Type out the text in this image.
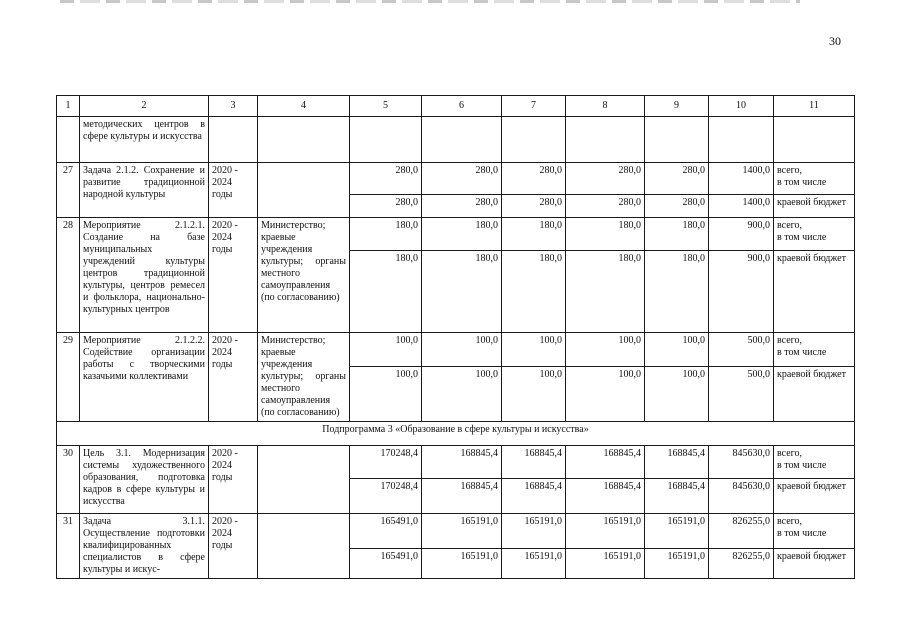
30
1	2	3	4	5	6	7	8	9	10	11
	методических центров в сфере культуры и искусства									
27	Задача 2.1.2. Сохранение и развитие традиционной народной культуры	2020 - 2024 годы		280,0	280,0	280,0	280,0	280,0	1400,0	всего,
в том числе

				280,0	280,0	280,0	280,0	280,0	1400,0	краевой бюджет
28	Мероприятие 2.1.2.1. Создание на базе муниципальных учреждений культуры центров традиционной культуры, центров ремесел и фольклора, национально-культурных центров	2020 - 2024 годы	Министерство; краевые учреждения культуры; органы местного самоуправления (по согласованию)	180,0	180,0	180,0	180,0	180,0	900,0	всего,
в том числе

				180,0	180,0	180,0	180,0	180,0	900,0	краевой бюджет
29	Мероприятие 2.1.2.2. Содействие организации работы с творческими казачьими коллективами	2020 - 2024 годы	Министерство; краевые учреждения культуры; органы местного самоуправления (по согласованию)	100,0	100,0	100,0	100,0	100,0	500,0	всего,
в том числе

				100,0	100,0	100,0	100,0	100,0	500,0	краевой бюджет
Подпрограмма 3 «Образование в сфере культуры и искусства»										
30	Цель 3.1. Модернизация системы художественного образования, подготовка кадров в сфере культуры и искусства	2020 - 2024 годы		170248,4	168845,4	168845,4	168845,4	168845,4	845630,0	всего,
в том числе

				170248,4	168845,4	168845,4	168845,4	168845,4	845630,0	краевой бюджет
31	Задача 3.1.1. Осуществление подготовки квалифицированных специалистов в сфере культуры и искус-	2020 - 2024 годы		165491,0	165191,0	165191,0	165191,0	165191,0	826255,0	всего,
в том числе

				165491,0	165191,0	165191,0	165191,0	165191,0	826255,0	краевой бюджет
